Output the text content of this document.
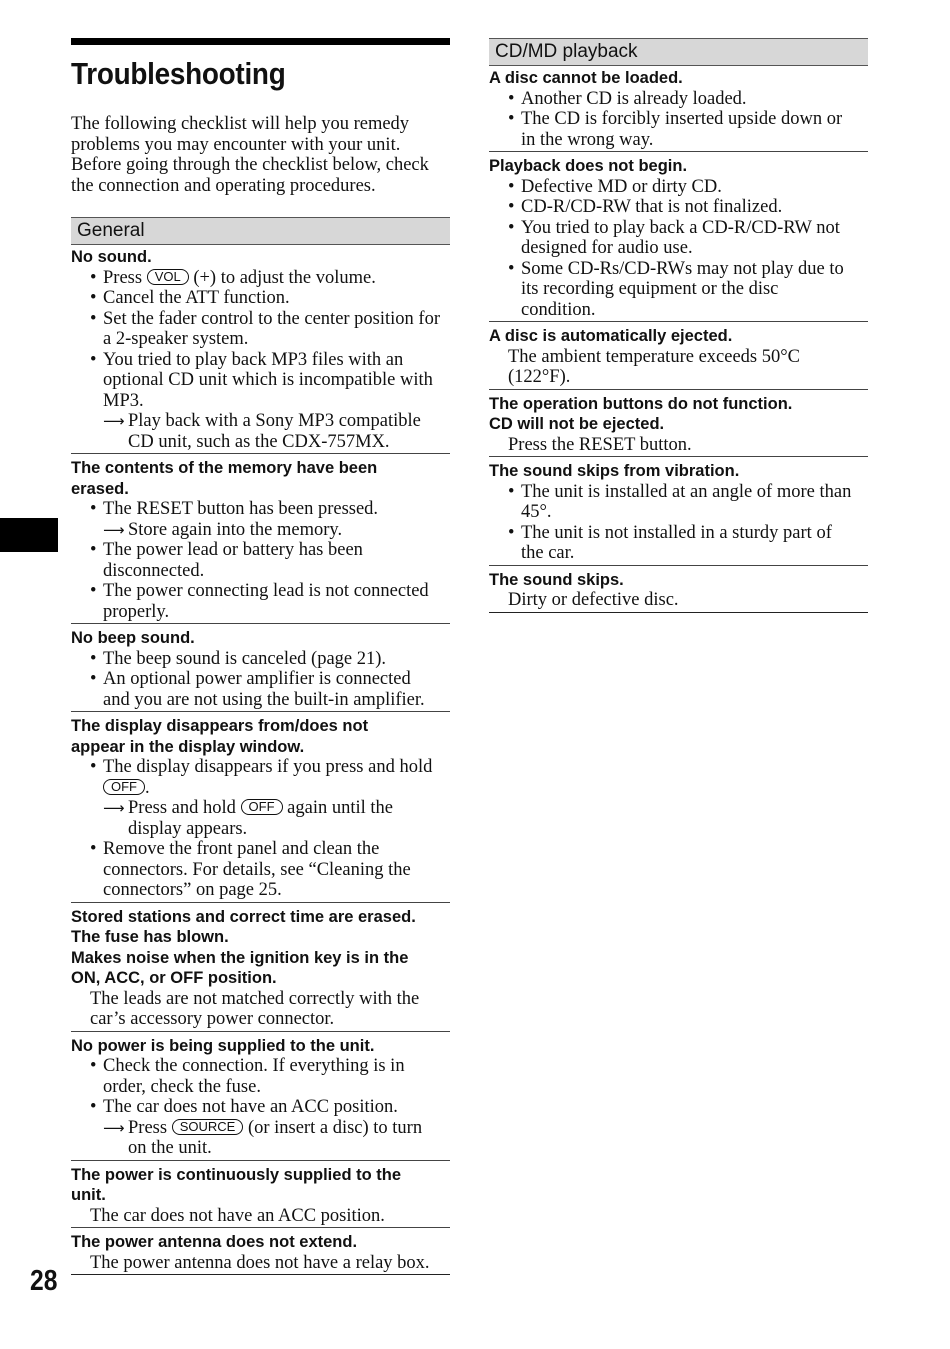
Troubleshooting
The following checklist will help you remedy
problems you may encounter with your unit.
Before going through the checklist below, check
the connection and operating procedures.
General
No sound.
• Press VOL (+) to adjust the volume.
• Cancel the ATT function.
• Set the fader control to the center position for
a 2-speaker system.
• You tried to play back MP3 files with an
optional CD unit which is incompatible with
MP3.
⟶ Play back with a Sony MP3 compatible
CD unit, such as the CDX-757MX.
The contents of the memory have been
erased.
• The RESET button has been pressed.
⟶ Store again into the memory.
• The power lead or battery has been
disconnected.
• The power connecting lead is not connected
properly.
No beep sound.
• The beep sound is canceled (page 21).
• An optional power amplifier is connected
and you are not using the built-in amplifier.
The display disappears from/does not
appear in the display window.
• The display disappears if you press and hold
OFF .
⟶ Press and hold OFF again until the
display appears.
• Remove the front panel and clean the
connectors. For details, see “Cleaning the
connectors” on page 25.
Stored stations and correct time are erased.
The fuse has blown.
Makes noise when the ignition key is in the
ON, ACC, or OFF position.
The leads are not matched correctly with the
car’s accessory power connector.
No power is being supplied to the unit.
• Check the connection. If everything is in
order, check the fuse.
• The car does not have an ACC position.
⟶ Press SOURCE (or insert a disc) to turn
on the unit.
The power is continuously supplied to the
unit.
The car does not have an ACC position.
The power antenna does not extend.
The power antenna does not have a relay box.
CD/MD playback
A disc cannot be loaded.
• Another CD is already loaded.
• The CD is forcibly inserted upside down or
in the wrong way.
Playback does not begin.
• Defective MD or dirty CD.
• CD-R/CD-RW that is not finalized.
• You tried to play back a CD-R/CD-RW not
designed for audio use.
• Some CD-Rs/CD-RWs may not play due to
its recording equipment or the disc
condition.
A disc is automatically ejected.
The ambient temperature exceeds 50°C
(122°F).
The operation buttons do not function.
CD will not be ejected.
Press the RESET button.
The sound skips from vibration.
• The unit is installed at an angle of more than
45°.
• The unit is not installed in a sturdy part of
the car.
The sound skips.
Dirty or defective disc.
28
